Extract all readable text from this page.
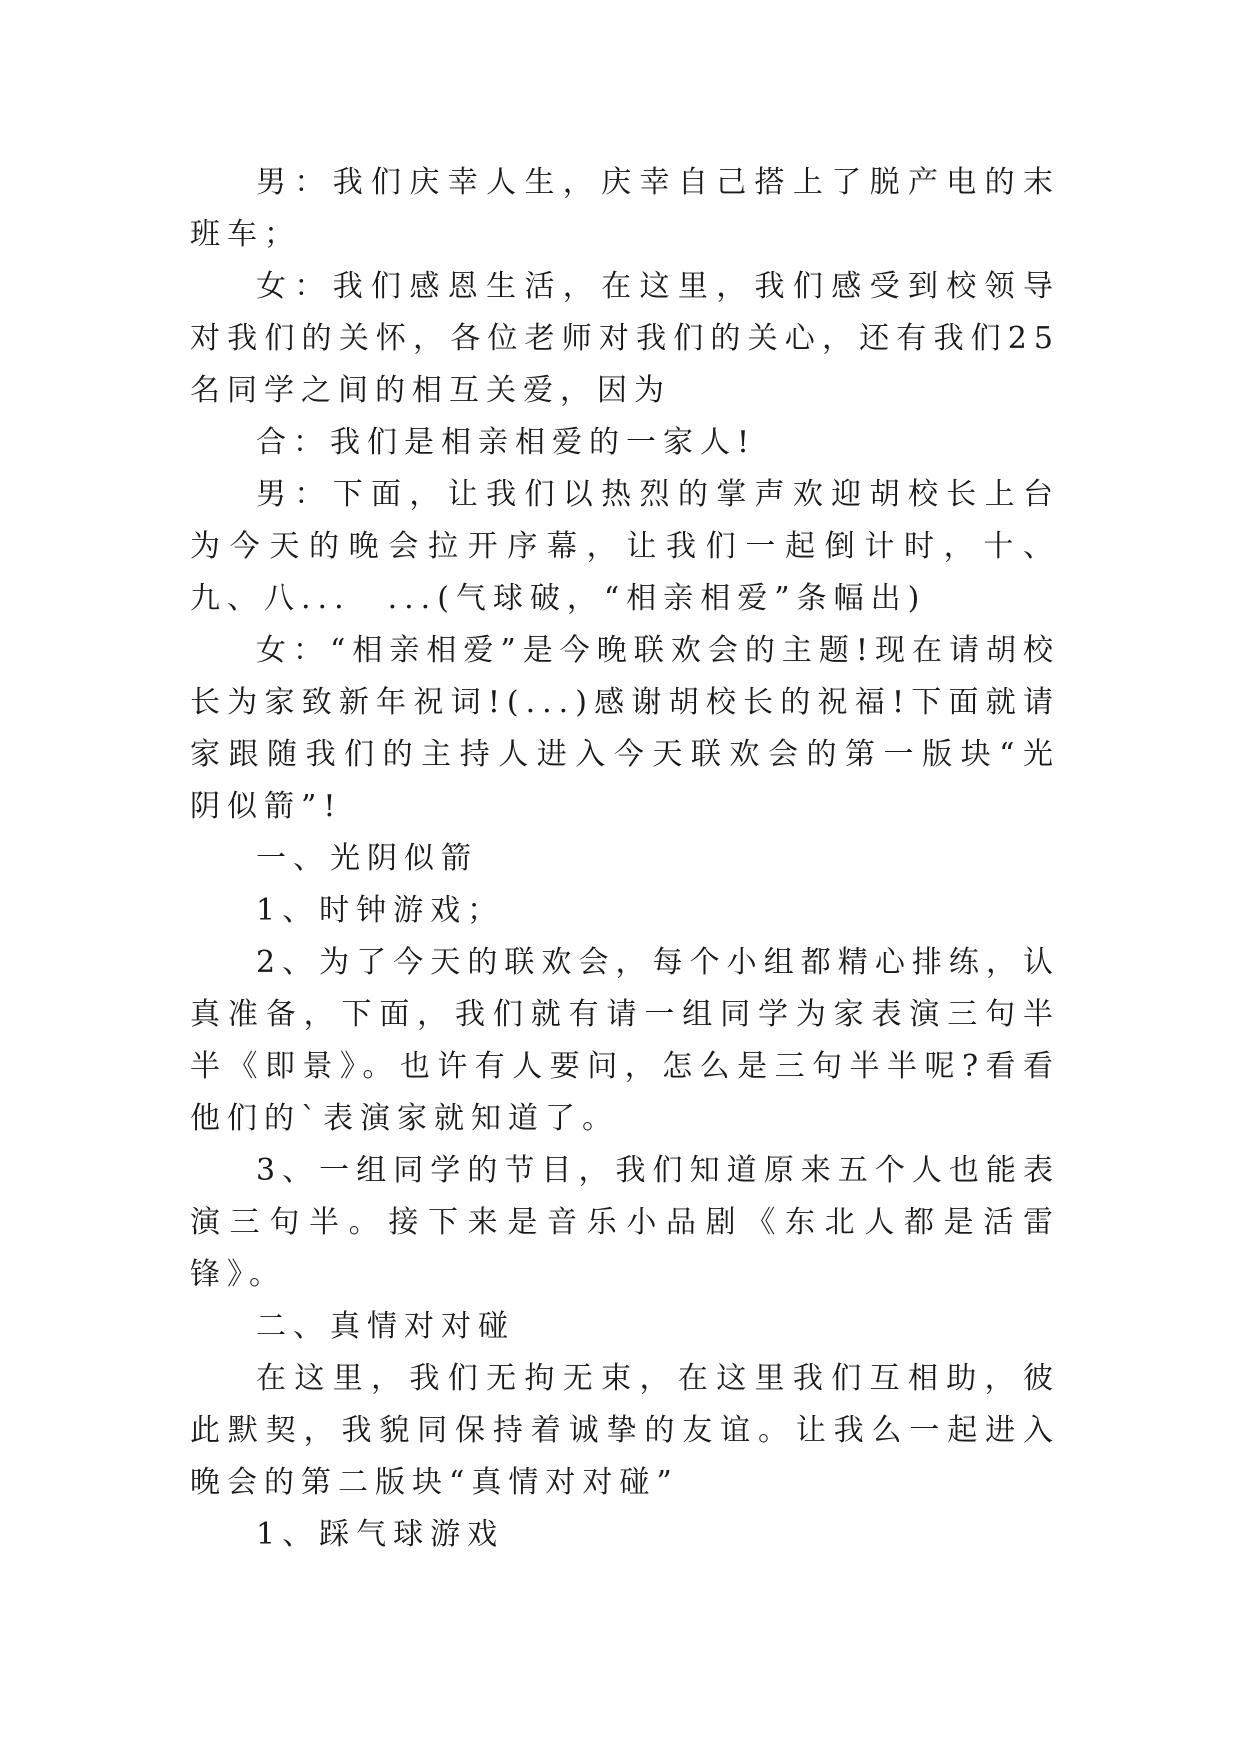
男：我们庆幸人生，庆幸自己搭上了脱产电的末班车；

女：我们感恩生活，在这里，我们感受到校领导对我们的关怀，各位老师对我们的关心，还有我们25名同学之间的相互关爱，因为

合：我们是相亲相爱的一家人!

男：下面，让我们以热烈的掌声欢迎胡校长上台为今天的晚会拉开序幕，让我们一起倒计时，十、九、八...　...(气球破，“相亲相爱”条幅出)

女：“相亲相爱”是今晚联欢会的主题!现在请胡校长为家致新年祝词!(...)感谢胡校长的祝福!下面就请家跟随我们的主持人进入今天联欢会的第一版块“光阴似箭”!

一、光阴似箭

1、时钟游戏；

2、为了今天的联欢会，每个小组都精心排练，认真准备，下面，我们就有请一组同学为家表演三句半半《即景》。也许有人要问，怎么是三句半半呢?看看他们的`表演家就知道了。

3、一组同学的节目，我们知道原来五个人也能表演三句半。接下来是音乐小品剧《东北人都是活雷锋》。

二、真情对对碰

在这里，我们无拘无束，在这里我们互相助，彼此默契，我貌同保持着诚挚的友谊。让我么一起进入晚会的第二版块“真情对对碰”

1、踩气球游戏
